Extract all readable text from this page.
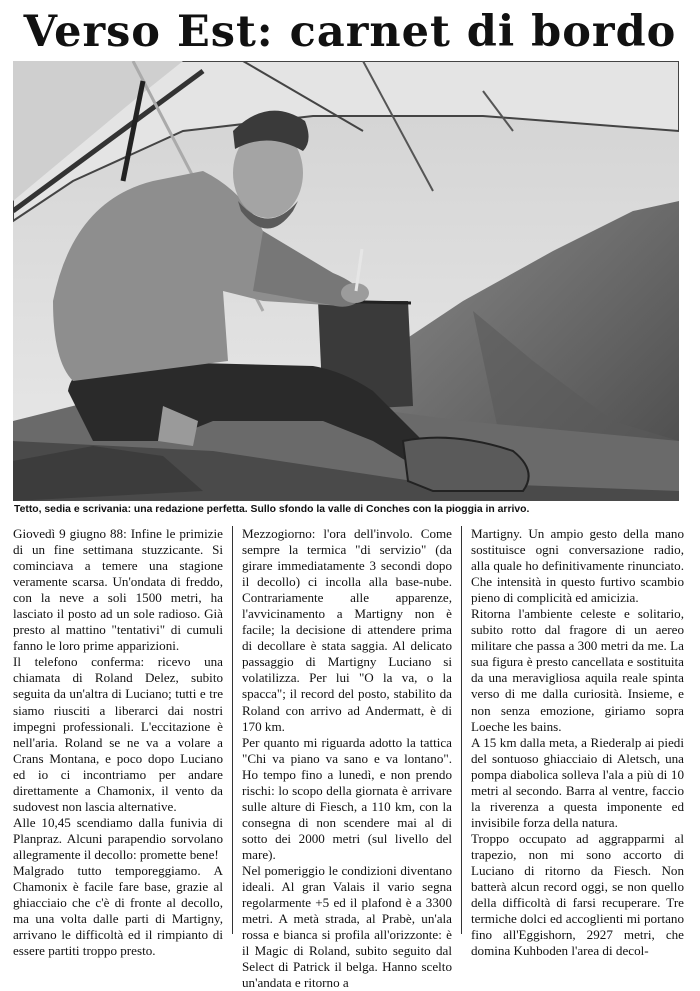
Verso Est: carnet di bordo
Tetto, sedia e scrivania: una redazione perfetta. Sullo sfondo la valle di Conches con la pioggia in arrivo.

Giovedì 9 giugno 88: Infine le primizie di un fine settimana stuzzicante. Si cominciava a temere una stagione veramente scarsa. Un'ondata di freddo, con la neve a soli 1500 metri, ha lasciato il posto ad un sole radioso. Già presto al mattino "tentativi" di cumuli fanno le loro prime apparizioni.

Il telefono conferma: ricevo una chiamata di Roland Delez, subito seguita da un'altra di Luciano; tutti e tre siamo riusciti a liberarci dai nostri impegni professionali. L'eccitazione è nell'aria. Roland se ne va a volare a Crans Montana, e poco dopo Luciano ed io ci incontriamo per andare direttamente a Chamonix, il vento da sudovest non lascia alternative.

Alle 10,45 scendiamo dalla funivia di Planpraz. Alcuni parapendio sorvolano allegramente il decollo: promette bene!

Malgrado tutto temporeggiamo. A Chamonix è facile fare base, grazie al ghiacciaio che c'è di fronte al decollo, ma una volta dalle parti di Martigny, arrivano le difficoltà ed il rimpianto di essere partiti troppo presto.

Mezzogiorno: l'ora dell'involo. Come sempre la termica "di servizio" (da girare immediatamente 3 secondi dopo il decollo) ci incolla alla base-nube. Contrariamente alle apparenze, l'avvicinamento a Martigny non è facile; la decisione di attendere prima di decollare è stata saggia. Al delicato passaggio di Martigny Luciano si volatilizza. Per lui "O la va, o la spacca"; il record del posto, stabilito da Roland con arrivo ad Andermatt, è di 170 km.

Per quanto mi riguarda adotto la tattica "Chi va piano va sano e va lontano". Ho tempo fino a lunedì, e non prendo rischi: lo scopo della giornata è arrivare sulle alture di Fiesch, a 110 km, con la consegna di non scendere mai al di sotto dei 2000 metri (sul livello del mare).

Nel pomeriggio le condizioni diventano ideali. Al gran Valais il vario segna regolarmente +5 ed il plafond è a 3300 metri. A metà strada, al Prabè, un'ala rossa e bianca si profila all'orizzonte: è il Magic di Roland, subito seguito dal Select di Patrick il belga. Hanno scelto un'andata e ritorno a

Martigny. Un ampio gesto della mano sostituisce ogni conversazione radio, alla quale ho definitivamente rinunciato. Che intensità in questo furtivo scambio pieno di complicità ed amicizia.

Ritorna l'ambiente celeste e solitario, subito rotto dal fragore di un aereo militare che passa a 300 metri da me. La sua figura è presto cancellata e sostituita da una meravigliosa aquila reale spinta verso di me dalla curiosità. Insieme, e non senza emozione, giriamo sopra Loeche les bains.

A 15 km dalla meta, a Riederalp ai piedi del sontuoso ghiacciaio di Aletsch, una pompa diabolica solleva l'ala a più di 10 metri al secondo. Barra al ventre, faccio la riverenza a questa imponente ed invisibile forza della natura.

Troppo occupato ad aggrapparmi al trapezio, non mi sono accorto di Luciano di ritorno da Fiesch. Non batterà alcun record oggi, se non quello della difficoltà di farsi recuperare. Tre termiche dolci ed accoglienti mi portano fino all'Eggishorn, 2927 metri, che domina Kuhboden l'area di decol-
